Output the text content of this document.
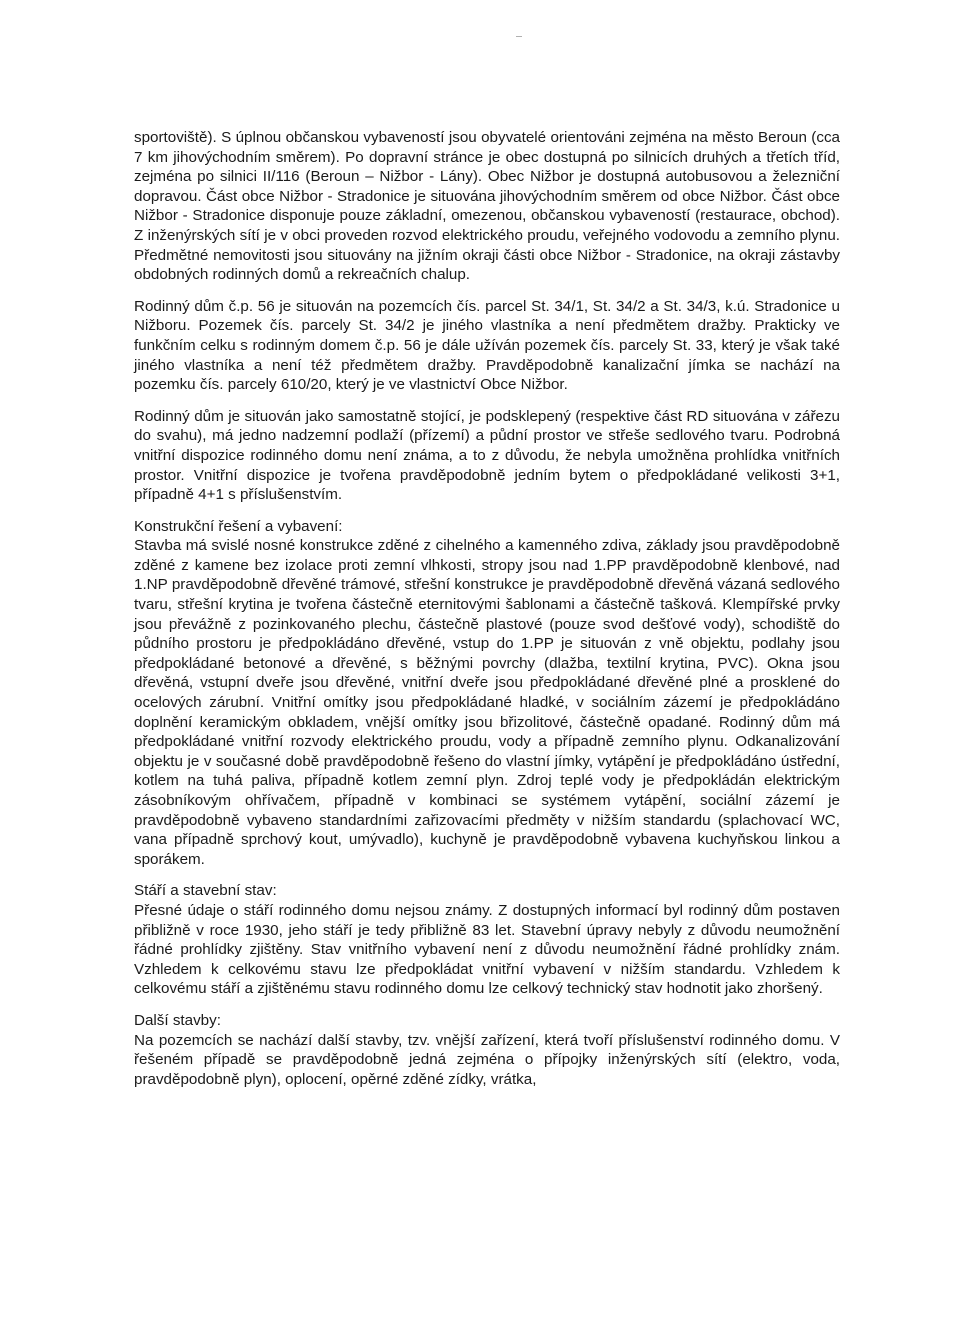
sportoviště). S úplnou občanskou vybaveností jsou obyvatelé orientováni zejména na město Beroun (cca 7 km jihovýchodním směrem). Po dopravní stránce je obec dostupná po silnicích druhých a třetích tříd, zejména po silnici II/116 (Beroun – Nižbor - Lány). Obec Nižbor je dostupná autobusovou a železniční dopravou. Část obce Nižbor - Stradonice je situována jihovýchodním směrem od obce Nižbor. Část obce Nižbor - Stradonice disponuje pouze základní, omezenou, občanskou vybaveností (restaurace, obchod). Z inženýrských sítí je v obci proveden rozvod elektrického proudu, veřejného vodovodu a zemního plynu. Předmětné nemovitosti jsou situovány na jižním okraji části obce Nižbor - Stradonice, na okraji zástavby obdobných rodinných domů a rekreačních chalup.

Rodinný dům č.p. 56 je situován na pozemcích čís. parcel St. 34/1, St. 34/2 a St. 34/3, k.ú. Stradonice u Nižboru. Pozemek čís. parcely St. 34/2 je jiného vlastníka a není předmětem dražby. Prakticky ve funkčním celku s rodinným domem č.p. 56 je dále užíván pozemek čís. parcely St. 33, který je však také jiného vlastníka a není též předmětem dražby. Pravděpodobně kanalizační jímka se nachází na pozemku čís. parcely 610/20, který je ve vlastnictví Obce Nižbor.

Rodinný dům je situován jako samostatně stojící, je podsklepený (respektive část RD situována v zářezu do svahu), má jedno nadzemní podlaží (přízemí) a půdní prostor ve střeše sedlového tvaru. Podrobná vnitřní dispozice rodinného domu není známa, a to z důvodu, že nebyla umožněna prohlídka vnitřních prostor. Vnitřní dispozice je tvořena pravděpodobně jedním bytem o předpokládané velikosti 3+1, případně 4+1 s příslušenstvím.

Konstrukční řešení a vybavení:

Stavba má svislé nosné konstrukce zděné z cihelného a kamenného zdiva, základy jsou pravděpodobně zděné z kamene bez izolace proti zemní vlhkosti, stropy jsou nad 1.PP pravděpodobně klenbové, nad 1.NP pravděpodobně dřevěné trámové, střešní konstrukce je pravděpodobně dřevěná vázaná sedlového tvaru, střešní krytina je tvořena částečně eternitovými šablonami a částečně tašková. Klempířské prvky jsou převážně z pozinkovaného plechu, částečně plastové (pouze svod dešťové vody), schodiště do půdního prostoru je předpokládáno dřevěné, vstup do 1.PP je situován z vně objektu, podlahy jsou předpokládané betonové a dřevěné, s běžnými povrchy (dlažba, textilní krytina, PVC). Okna jsou dřevěná, vstupní dveře jsou dřevěné, vnitřní dveře jsou předpokládané dřevěné plné a prosklené do ocelových zárubní. Vnitřní omítky jsou předpokládané hladké, v sociálním zázemí je předpokládáno doplnění keramickým obkladem, vnější omítky jsou břizolitové, částečně opadané. Rodinný dům má předpokládané vnitřní rozvody elektrického proudu, vody a případně zemního plynu. Odkanalizování objektu je v současné době pravděpodobně řešeno do vlastní jímky, vytápění je předpokládáno ústřední, kotlem na tuhá paliva, případně kotlem zemní plyn. Zdroj teplé vody je předpokládán elektrickým zásobníkovým ohřívačem, případně v kombinaci se systémem vytápění, sociální zázemí je pravděpodobně vybaveno standardními zařizovacími předměty v nižším standardu (splachovací WC, vana případně sprchový kout, umývadlo), kuchyně je pravděpodobně vybavena kuchyňskou linkou a sporákem.

Stáří a stavební stav:

Přesné údaje o stáří rodinného domu nejsou známy. Z dostupných informací byl rodinný dům postaven přibližně v roce 1930, jeho stáří je tedy přibližně 83 let. Stavební úpravy nebyly z důvodu neumožnění řádné prohlídky zjištěny. Stav vnitřního vybavení není z důvodu neumožnění řádné prohlídky znám. Vzhledem k celkovému stavu lze předpokládat vnitřní vybavení v nižším standardu. Vzhledem k celkovému stáří a zjištěnému stavu rodinného domu lze celkový technický stav hodnotit jako zhoršený.

Další stavby:

Na pozemcích se nachází další stavby, tzv. vnější zařízení, která tvoří příslušenství rodinného domu. V řešeném případě se pravděpodobně jedná zejména o přípojky inženýrských sítí (elektro, voda, pravděpodobně plyn), oplocení, opěrné zděné zídky, vrátka,
